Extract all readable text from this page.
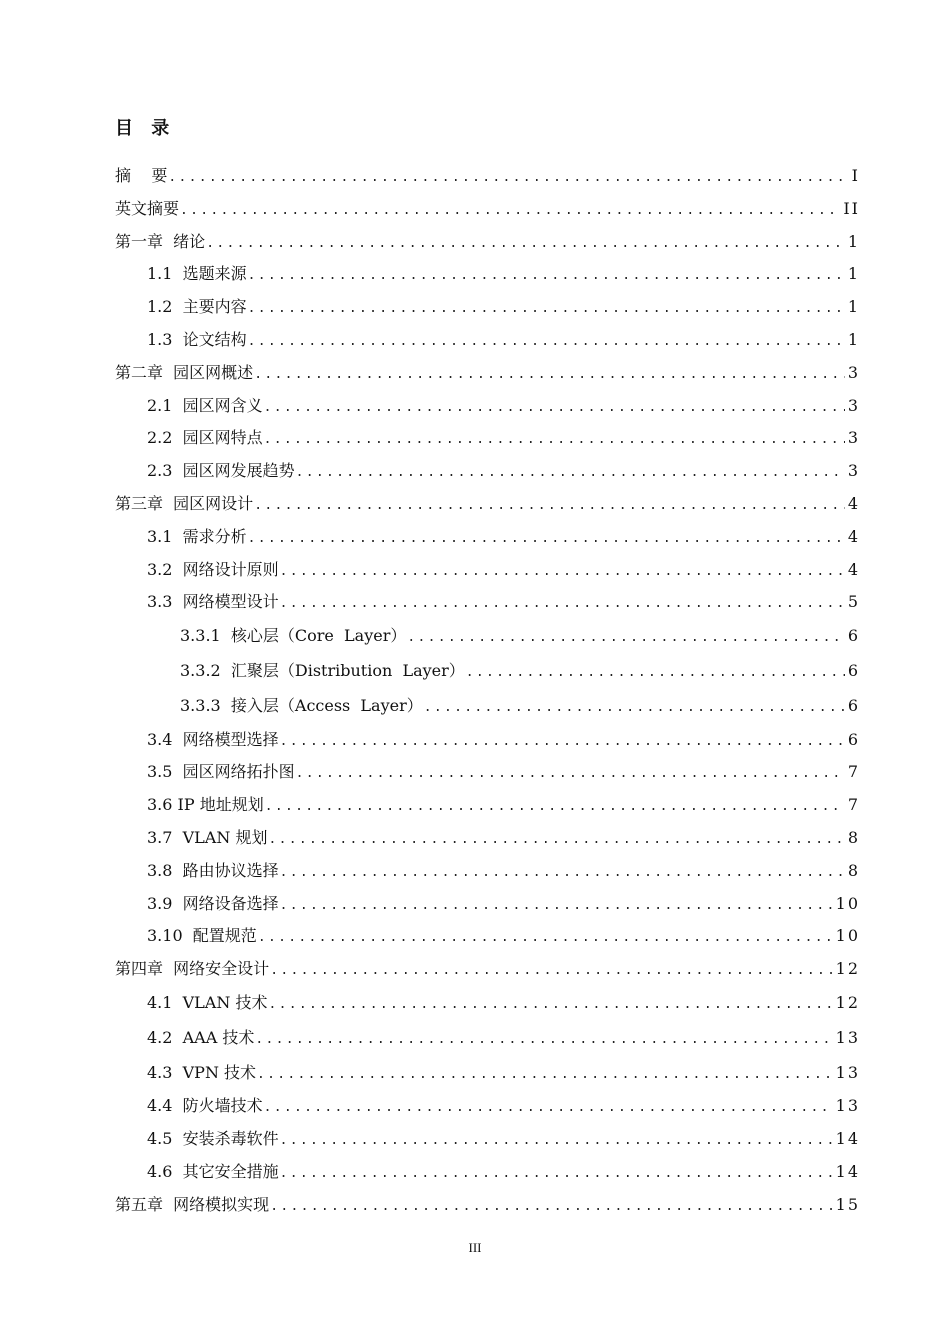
目 录
摘    要 .....	I
英文摘要 .....	II
第一章  绪论 .....	1
1.1  选题来源 .....	1
1.2  主要内容 .....	1
1.3  论文结构 .....	1
第二章  园区网概述 .....	3
2.1  园区网含义 .....	3
2.2  园区网特点 .....	3
2.3  园区网发展趋势 .....	3
第三章  园区网设计 .....	4
3.1  需求分析 .....	4
3.2  网络设计原则 .....	4
3.3  网络模型设计 .....	5
3.3.1  核心层（Core  Layer） .....	6
3.3.2  汇聚层（Distribution  Layer） .....	6
3.3.3  接入层（Access  Layer） .....	6
3.4  网络模型选择 .....	6
3.5  园区网络拓扑图 .....	7
3.6 IP 地址规划 .....	7
3.7  VLAN 规划 .....	8
3.8  路由协议选择 .....	8
3.9  网络设备选择 .....	10
3.10  配置规范 .....	10
第四章  网络安全设计 .....	12
4.1  VLAN 技术 .....	12
4.2  AAA 技术 .....	13
4.3  VPN 技术 .....	13
4.4  防火墙技术 .....	13
4.5  安装杀毒软件 .....	14
4.6  其它安全措施 .....	14
第五章  网络模拟实现 .....	15
III
